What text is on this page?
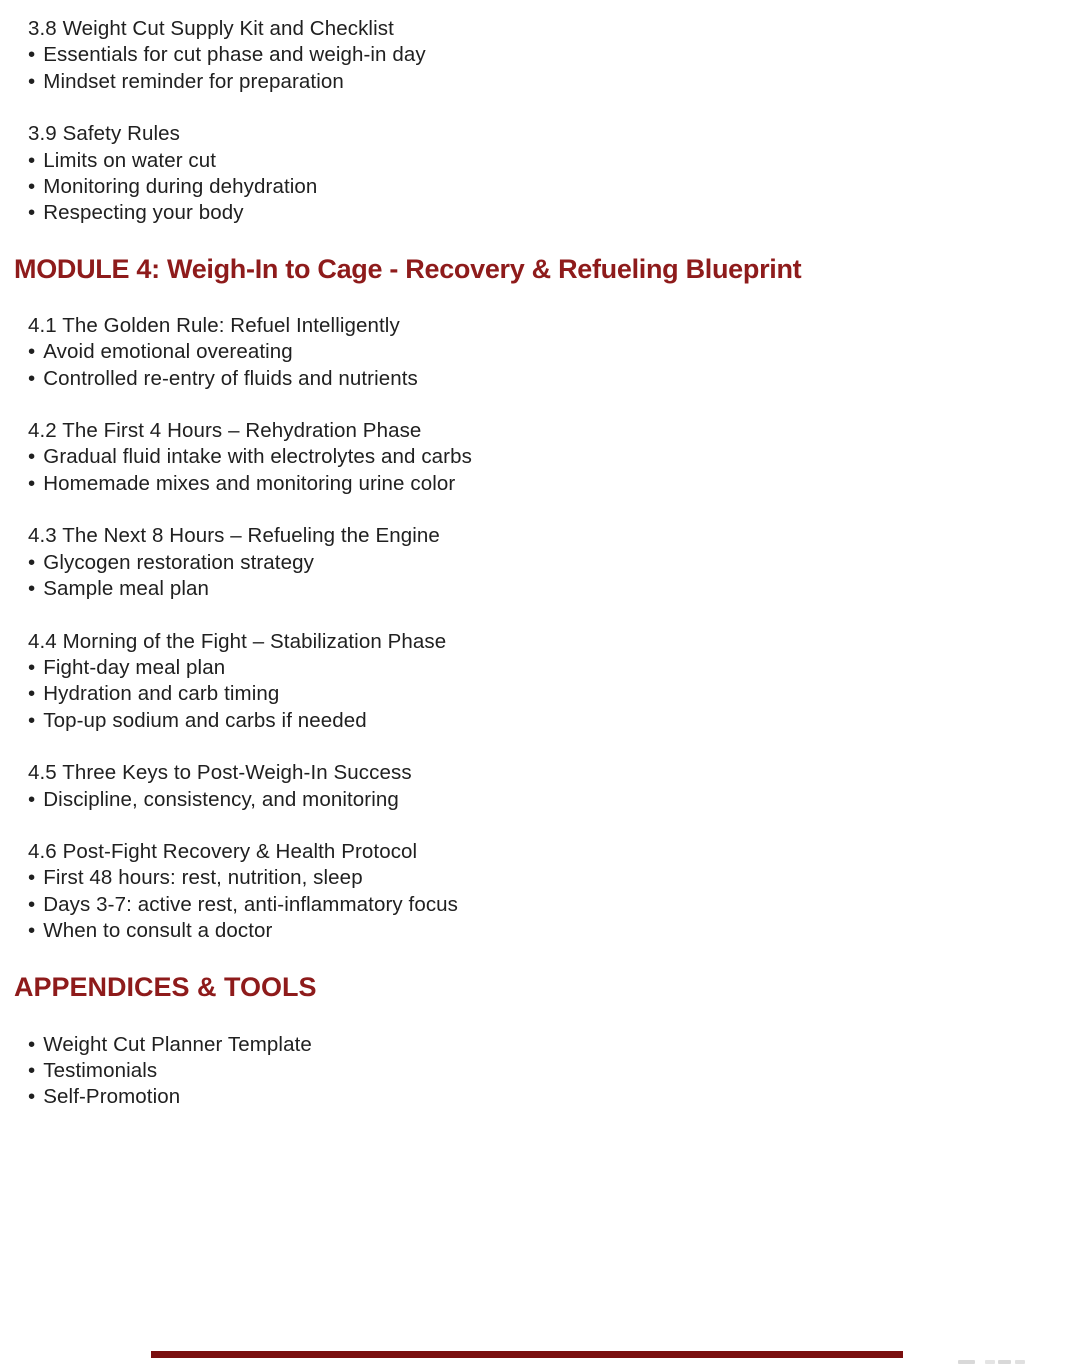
3.8 Weight Cut Supply Kit and Checklist
• Essentials for cut phase and weigh-in day
• Mindset reminder for preparation
3.9 Safety Rules
• Limits on water cut
• Monitoring during dehydration
• Respecting your body
MODULE 4: Weigh-In to Cage - Recovery & Refueling Blueprint
4.1 The Golden Rule: Refuel Intelligently
• Avoid emotional overeating
• Controlled re-entry of fluids and nutrients
4.2 The First 4 Hours – Rehydration Phase
• Gradual fluid intake with electrolytes and carbs
• Homemade mixes and monitoring urine color
4.3 The Next 8 Hours – Refueling the Engine
• Glycogen restoration strategy
• Sample meal plan
4.4 Morning of the Fight – Stabilization Phase
• Fight-day meal plan
• Hydration and carb timing
• Top-up sodium and carbs if needed
4.5 Three Keys to Post-Weigh-In Success
• Discipline, consistency, and monitoring
4.6 Post-Fight Recovery & Health Protocol
• First 48 hours: rest, nutrition, sleep
• Days 3-7: active rest, anti-inflammatory focus
• When to consult a doctor
APPENDICES & TOOLS
• Weight Cut Planner Template
• Testimonials
• Self-Promotion
